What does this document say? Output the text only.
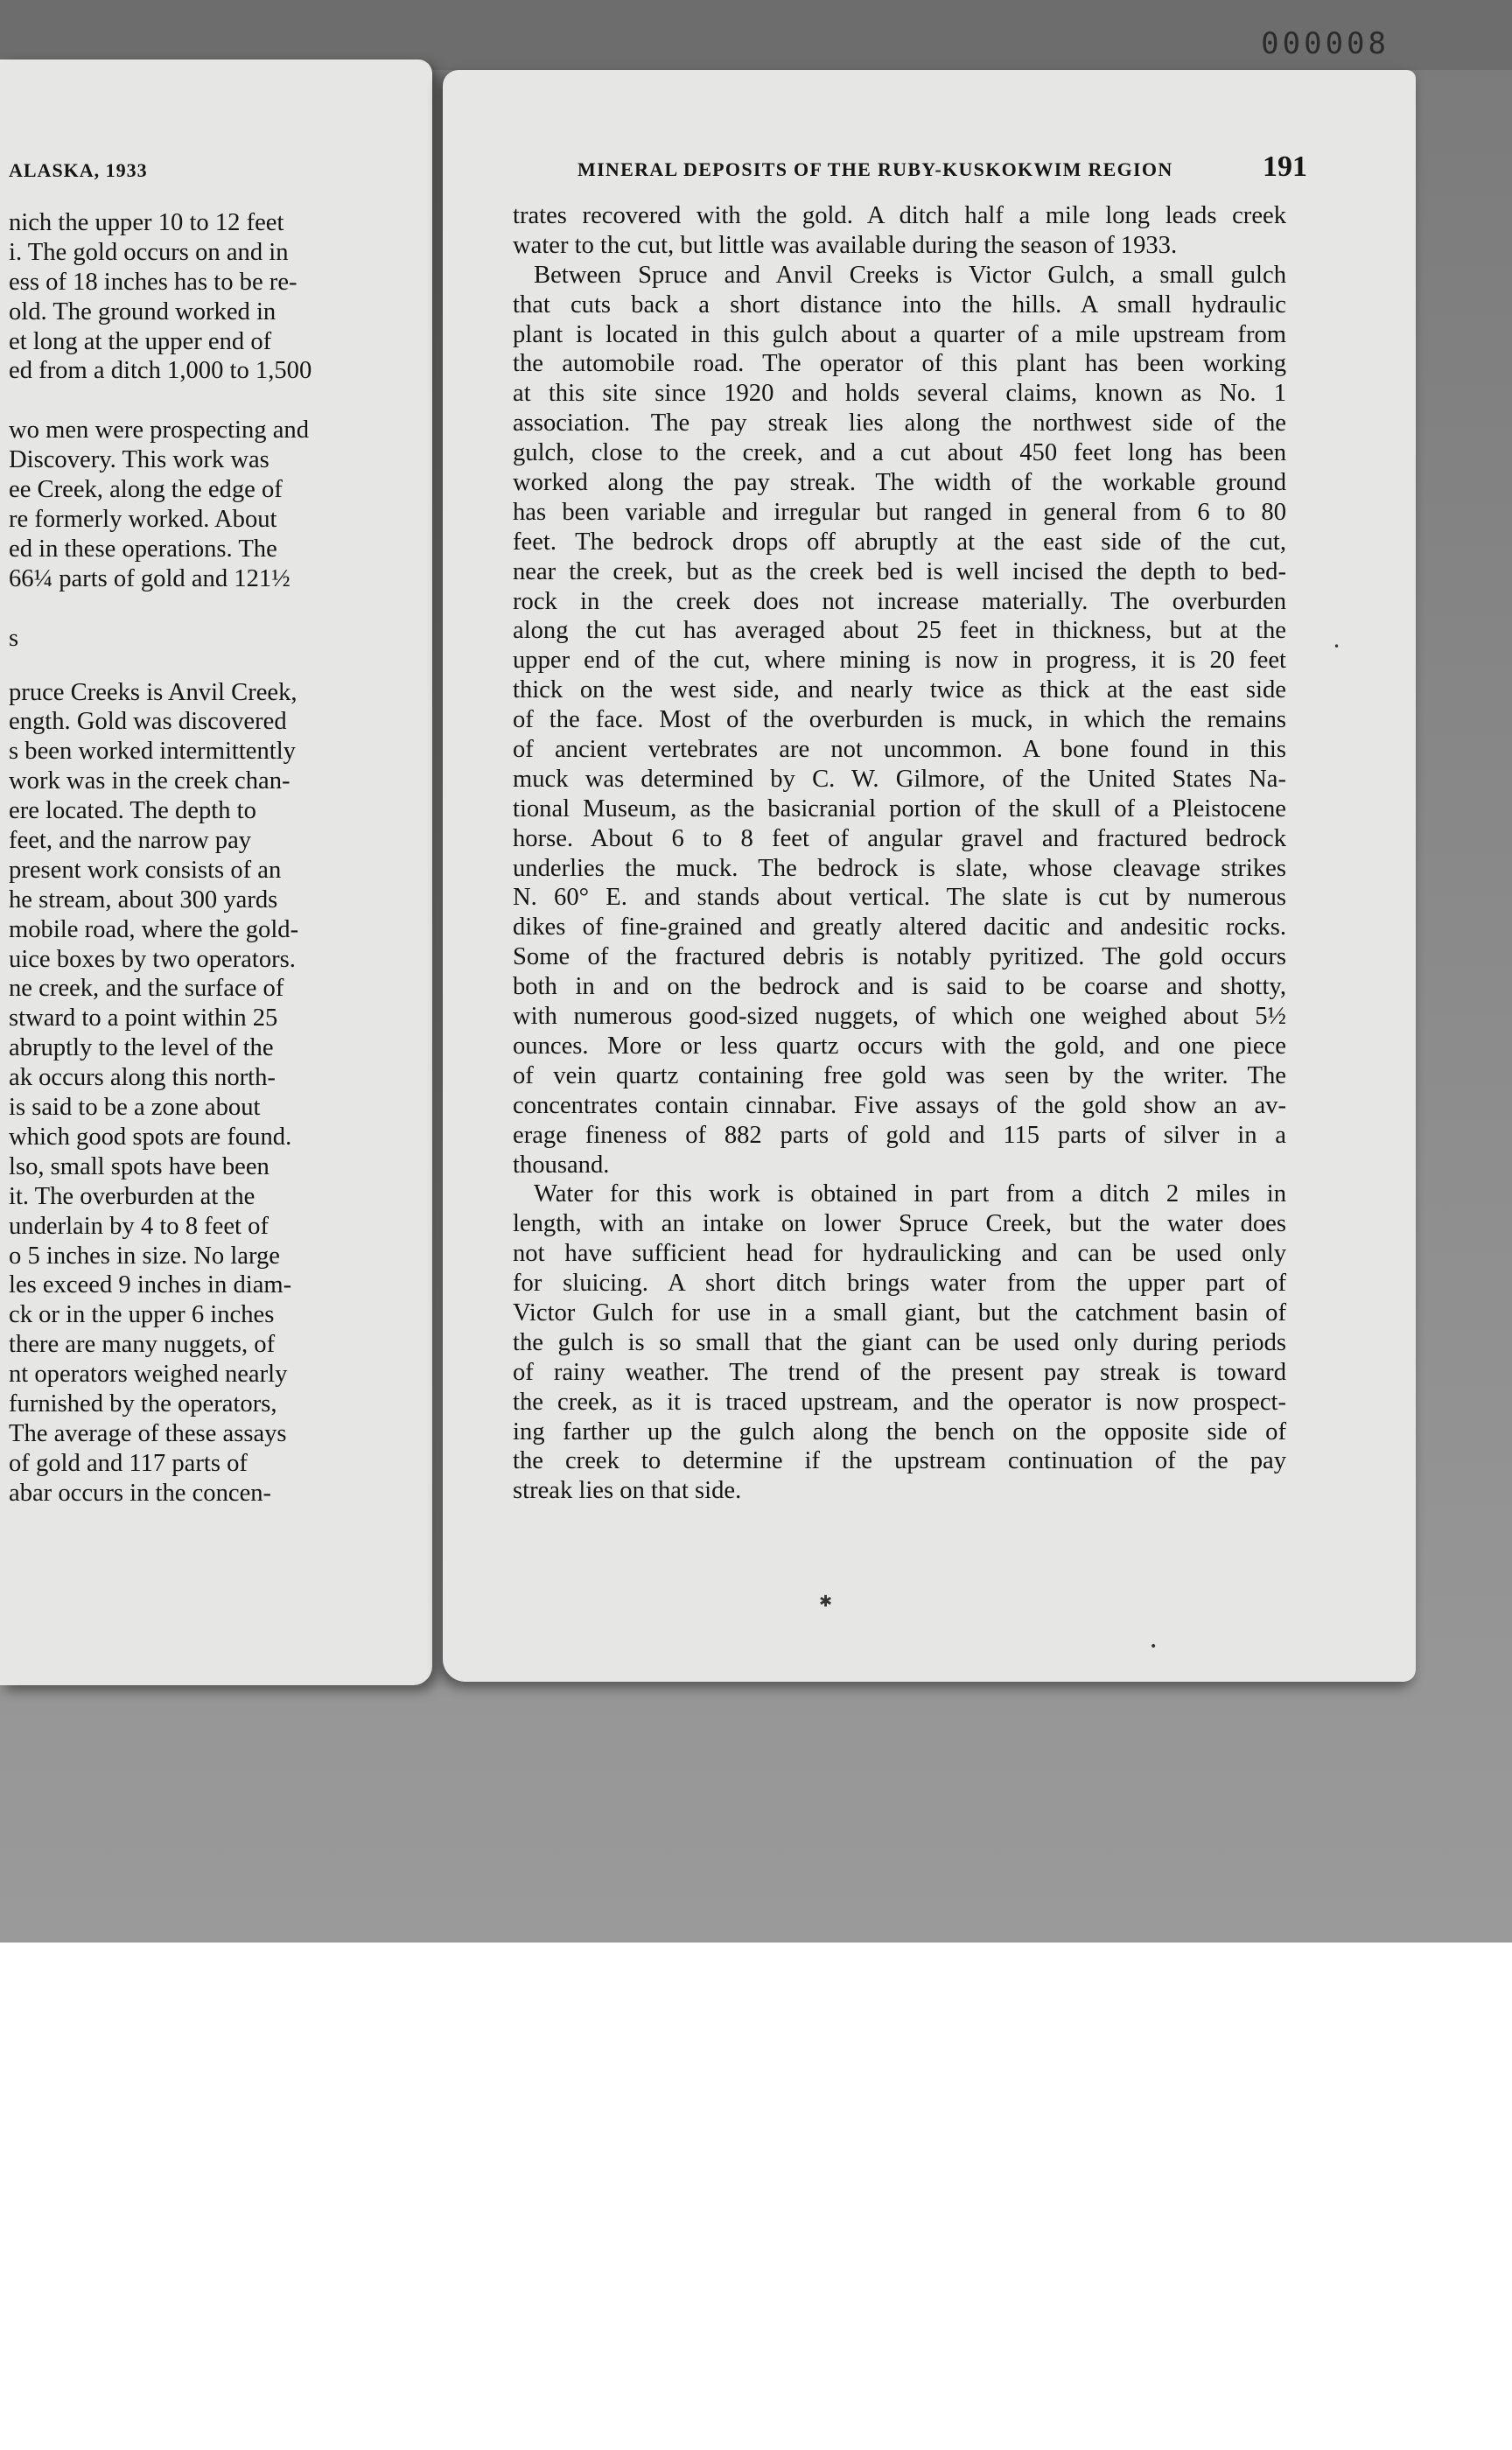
000008
ALASKA, 1933
nich the upper 10 to 12 feet
i. The gold occurs on and in
ess of 18 inches has to be re-
old. The ground worked in
et long at the upper end of
ed from a ditch 1,000 to 1,500
wo men were prospecting and
Discovery. This work was
ee Creek, along the edge of
re formerly worked. About
ed in these operations. The
66¼ parts of gold and 121½
s
pruce Creeks is Anvil Creek,
ength. Gold was discovered
s been worked intermittently
work was in the creek chan-
ere located. The depth to
feet, and the narrow pay
present work consists of an
he stream, about 300 yards
mobile road, where the gold-
uice boxes by two operators.
ne creek, and the surface of
stward to a point within 25
abruptly to the level of the
ak occurs along this north-
is said to be a zone about
which good spots are found.
lso, small spots have been
it. The overburden at the
underlain by 4 to 8 feet of
o 5 inches in size. No large
les exceed 9 inches in diam-
ck or in the upper 6 inches
there are many nuggets, of
nt operators weighed nearly
furnished by the operators,
The average of these assays
of gold and 117 parts of
abar occurs in the concen-
MINERAL DEPOSITS OF THE RUBY-KUSKOKWIM REGION	191
trates recovered with the gold. A ditch half a mile long leads creek
water to the cut, but little was available during the season of 1933.
Between Spruce and Anvil Creeks is Victor Gulch, a small gulch
that cuts back a short distance into the hills. A small hydraulic
plant is located in this gulch about a quarter of a mile upstream from
the automobile road. The operator of this plant has been working
at this site since 1920 and holds several claims, known as No. 1
association. The pay streak lies along the northwest side of the
gulch, close to the creek, and a cut about 450 feet long has been
worked along the pay streak. The width of the workable ground
has been variable and irregular but ranged in general from 6 to 80
feet. The bedrock drops off abruptly at the east side of the cut,
near the creek, but as the creek bed is well incised the depth to bed-
rock in the creek does not increase materially. The overburden
along the cut has averaged about 25 feet in thickness, but at the
upper end of the cut, where mining is now in progress, it is 20 feet
thick on the west side, and nearly twice as thick at the east side
of the face. Most of the overburden is muck, in which the remains
of ancient vertebrates are not uncommon. A bone found in this
muck was determined by C. W. Gilmore, of the United States Na-
tional Museum, as the basicranial portion of the skull of a Pleistocene
horse. About 6 to 8 feet of angular gravel and fractured bedrock
underlies the muck. The bedrock is slate, whose cleavage strikes
N. 60° E. and stands about vertical. The slate is cut by numerous
dikes of fine-grained and greatly altered dacitic and andesitic rocks.
Some of the fractured debris is notably pyritized. The gold occurs
both in and on the bedrock and is said to be coarse and shotty,
with numerous good-sized nuggets, of which one weighed about 5½
ounces. More or less quartz occurs with the gold, and one piece
of vein quartz containing free gold was seen by the writer. The
concentrates contain cinnabar. Five assays of the gold show an av-
erage fineness of 882 parts of gold and 115 parts of silver in a
thousand.
Water for this work is obtained in part from a ditch 2 miles in
length, with an intake on lower Spruce Creek, but the water does
not have sufficient head for hydraulicking and can be used only
for sluicing. A short ditch brings water from the upper part of
Victor Gulch for use in a small giant, but the catchment basin of
the gulch is so small that the giant can be used only during periods
of rainy weather. The trend of the present pay streak is toward
the creek, as it is traced upstream, and the operator is now prospect-
ing farther up the gulch along the bench on the opposite side of
the creek to determine if the upstream continuation of the pay
streak lies on that side.
✱
•
•
